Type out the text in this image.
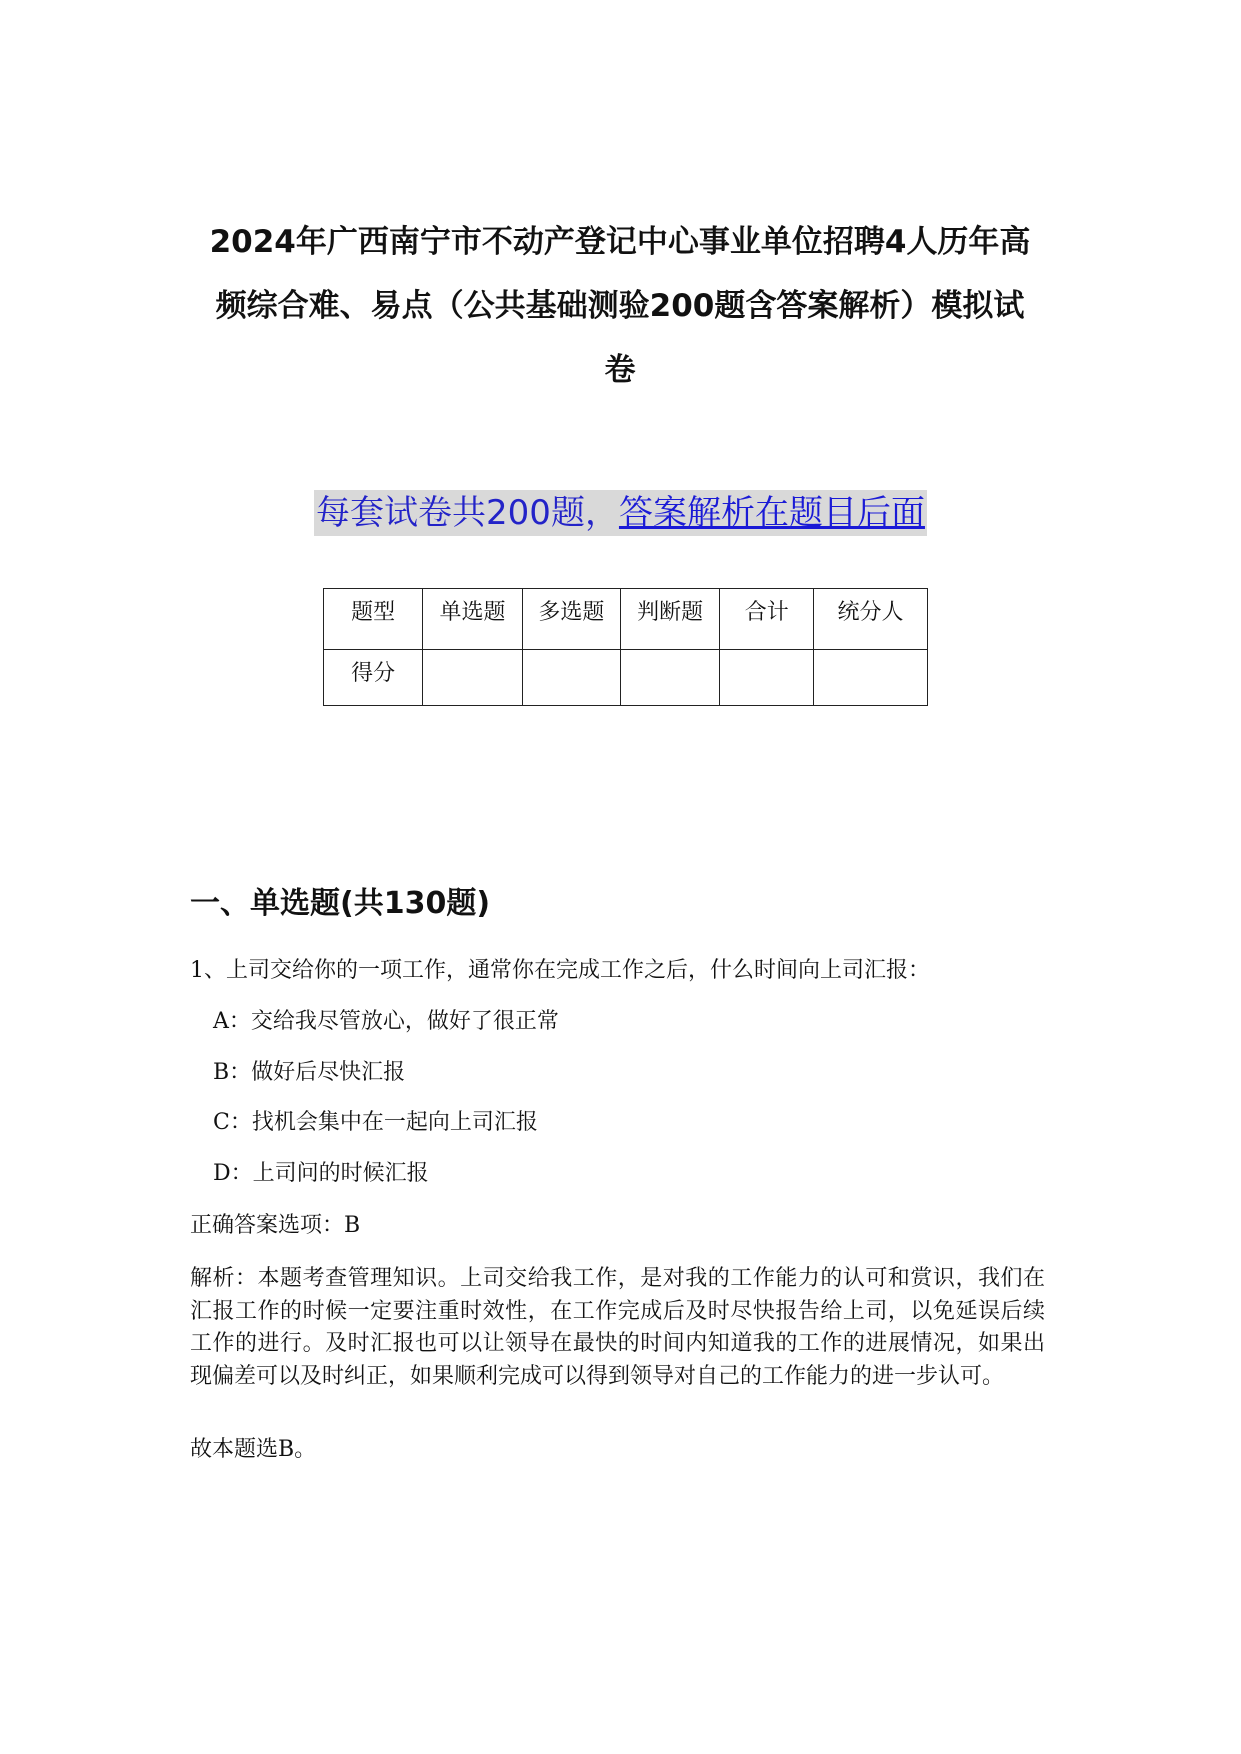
2024年广西南宁市不动产登记中心事业单位招聘4人历年高
频综合难、易点（公共基础测验200题含答案解析）模拟试
卷
每套试卷共200题，答案解析在题目后面
题型	单选题	多选题	判断题	合计	统分人
得分					
一、单选题(共130题)

1、上司交给你的一项工作，通常你在完成工作之后，什么时间向上司汇报：

A：交给我尽管放心，做好了很正常

B：做好后尽快汇报

C：找机会集中在一起向上司汇报

D：上司问的时候汇报

正确答案选项：B

解析：本题考查管理知识。上司交给我工作，是对我的工作能力的认可和赏识，我们在汇报工作的时候一定要注重时效性，在工作完成后及时尽快报告给上司，以免延误后续工作的进行。及时汇报也可以让领导在最快的时间内知道我的工作的进展情况，如果出现偏差可以及时纠正，如果顺利完成可以得到领导对自己的工作能力的进一步认可。

故本题选B。
